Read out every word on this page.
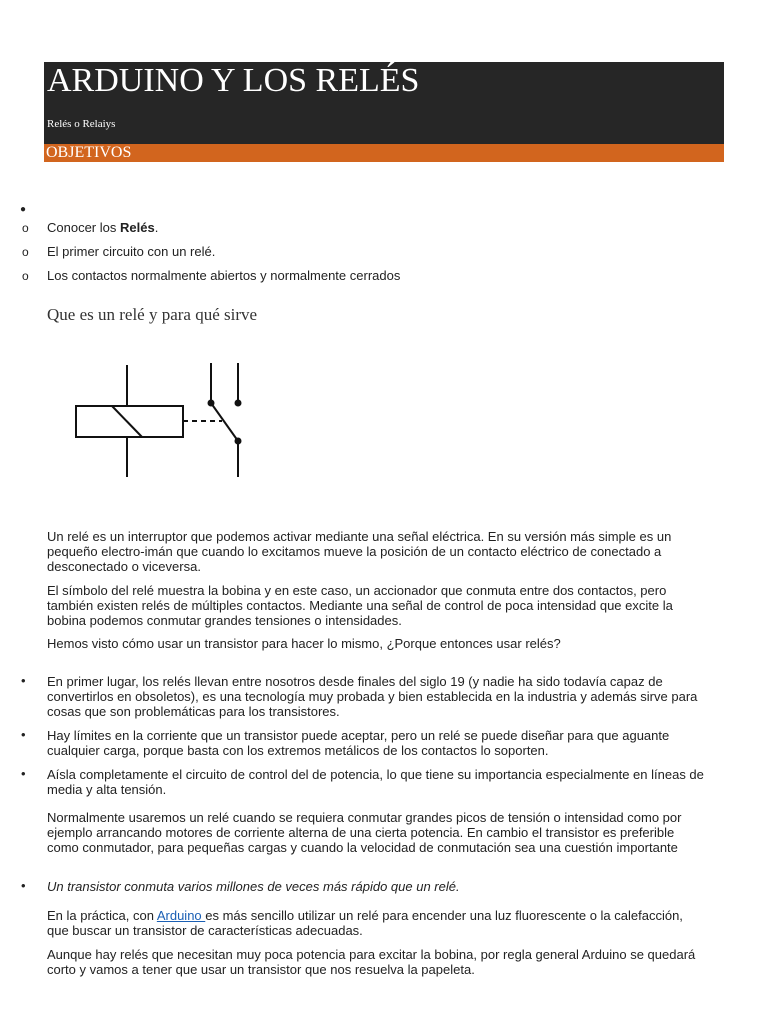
ARDUINO Y LOS RELÉS
Relés o Relaiys
OBJETIVOS
●
o Conocer los Relés.
o El primer circuito con un relé.
o Los contactos normalmente abiertos y normalmente cerrados
Que es un relé y para qué sirve

Un relé es un interruptor que podemos activar mediante una señal eléctrica. En su versión más simple es un pequeño electro-imán que cuando lo excitamos mueve la posición de un contacto eléctrico de conectado a desconectado o viceversa.

El símbolo del relé muestra la bobina y en este caso, un accionador que conmuta entre dos contactos, pero también existen relés de múltiples contactos. Mediante una señal de control de poca intensidad que excite la bobina podemos conmutar grandes tensiones o intensidades.

Hemos visto cómo usar un transistor para hacer lo mismo, ¿Porque entonces usar relés?

• En primer lugar, los relés llevan entre nosotros desde finales del siglo 19 (y nadie ha sido todavía capaz de convertirlos en obsoletos), es una tecnología muy probada y bien establecida en la industria y además sirve para cosas que son problemáticas para los transistores.
• Hay límites en la corriente que un transistor puede aceptar, pero un relé se puede diseñar para que aguante cualquier carga, porque basta con los extremos metálicos de los contactos lo soporten.
• Aísla completamente el circuito de control del de potencia, lo que tiene su importancia especialmente en líneas de media y alta tensión.

Normalmente usaremos un relé cuando se requiera conmutar grandes picos de tensión o intensidad como por ejemplo arrancando motores de corriente alterna de una cierta potencia. En cambio el transistor es preferible como conmutador, para pequeñas cargas y cuando la velocidad de conmutación sea una cuestión importante

• Un transistor conmuta varios millones de veces más rápido que un relé.

En la práctica, con Arduino es más sencillo utilizar un relé para encender una luz fluorescente o la calefacción, que buscar un transistor de características adecuadas.

Aunque hay relés que necesitan muy poca potencia para excitar la bobina, por regla general Arduino se quedará corto y vamos a tener que usar un transistor que nos resuelva la papeleta.
